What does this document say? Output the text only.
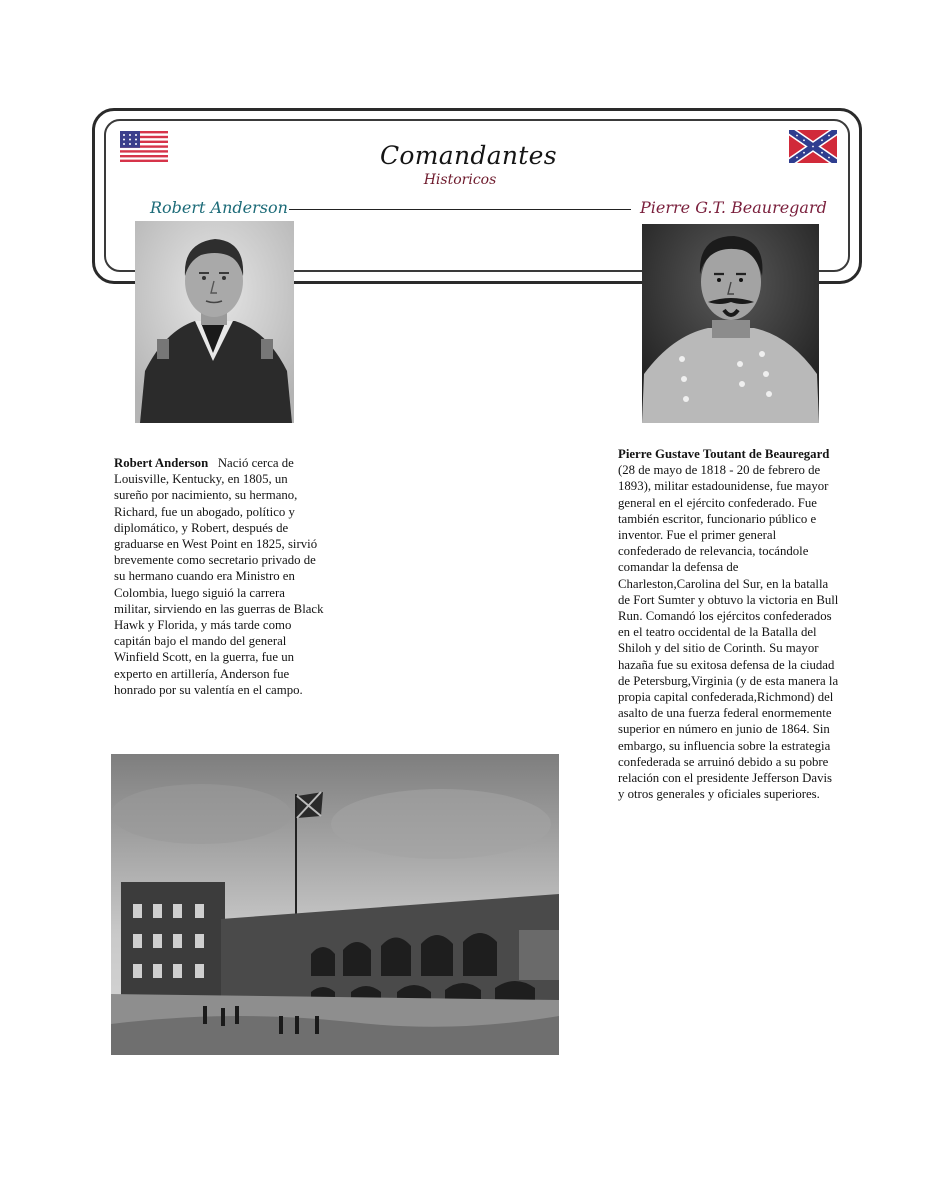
Comandantes
Historicos
Robert Anderson	Pierre G.T. Beauregard
Robert Anderson Nació cerca de Louisville, Kentucky, en 1805, un sureño por nacimiento, su hermano, Richard, fue un abogado, político y diplomático, y Robert, después de graduarse en West Point en 1825, sirvió brevemente como secretario privado de su hermano cuando era Ministro en Colombia, luego siguió la carrera militar, sirviendo en las guerras de Black Hawk y Florida, y más tarde como capitán bajo el mando del general Winfield Scott, en la guerra, fue un experto en artillería, Anderson fue honrado por su valentía en el campo.
Pierre Gustave Toutant de Beauregard (28 de mayo de 1818 - 20 de febrero de 1893), militar estadounidense, fue mayor general en el ejército confederado. Fue también escritor, funcionario público e inventor. Fue el primer general confederado de relevancia, tocándole comandar la defensa de Charleston,Carolina del Sur, en la batalla de Fort Sumter y obtuvo la victoria en Bull Run. Comandó los ejércitos confederados en el teatro occidental de la Batalla del Shiloh y del sitio de Corinth. Su mayor hazaña fue su exitosa defensa de la ciudad de Petersburg,Virginia (y de esta manera la propia capital confederada,Richmond) del asalto de una fuerza federal enormemente superior en número en junio de 1864. Sin embargo, su influencia sobre la estrategia confederada se arruinó debido a su pobre relación con el presidente Jefferson Davis y otros generales y oficiales superiores.
